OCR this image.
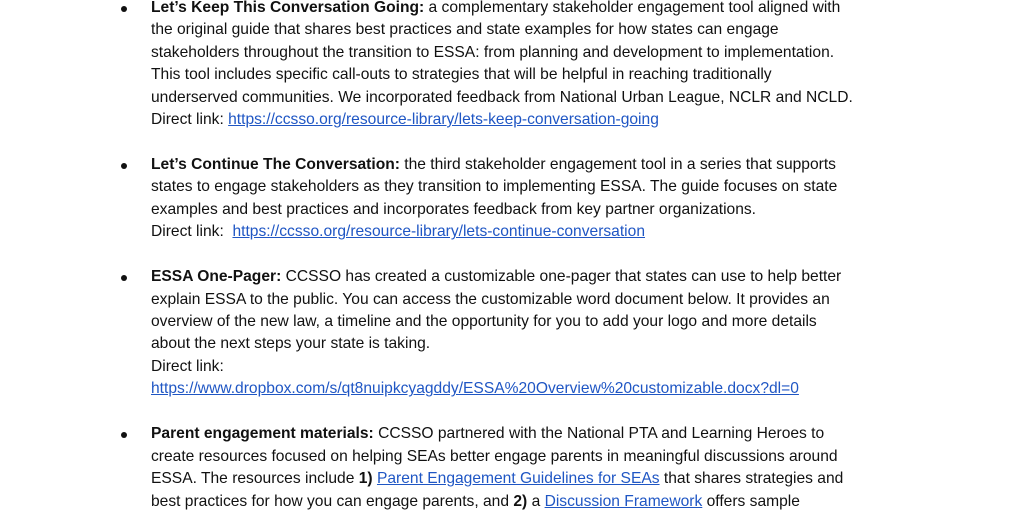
Let’s Keep This Conversation Going: a complementary stakeholder engagement tool aligned with
the original guide that shares best practices and state examples for how states can engage
stakeholders throughout the transition to ESSA: from planning and development to implementation.
This tool includes specific call-outs to strategies that will be helpful in reaching traditionally
underserved communities. We incorporated feedback from National Urban League, NCLR and NCLD.
Direct link: https://ccsso.org/resource-library/lets-keep-conversation-going
Let’s Continue The Conversation: the third stakeholder engagement tool in a series that supports
states to engage stakeholders as they transition to implementing ESSA. The guide focuses on state
examples and best practices and incorporates feedback from key partner organizations.
Direct link:  https://ccsso.org/resource-library/lets-continue-conversation
ESSA One-Pager: CCSSO has created a customizable one-pager that states can use to help better
explain ESSA to the public. You can access the customizable word document below. It provides an
overview of the new law, a timeline and the opportunity for you to add your logo and more details
about the next steps your state is taking.
Direct link:
https://www.dropbox.com/s/qt8nuipkcyagddy/ESSA%20Overview%20customizable.docx?dl=0
Parent engagement materials: CCSSO partnered with the National PTA and Learning Heroes to
create resources focused on helping SEAs better engage parents in meaningful discussions around
ESSA. The resources include 1) Parent Engagement Guidelines for SEAs that shares strategies and
best practices for how you can engage parents, and 2) a Discussion Framework offers sample
